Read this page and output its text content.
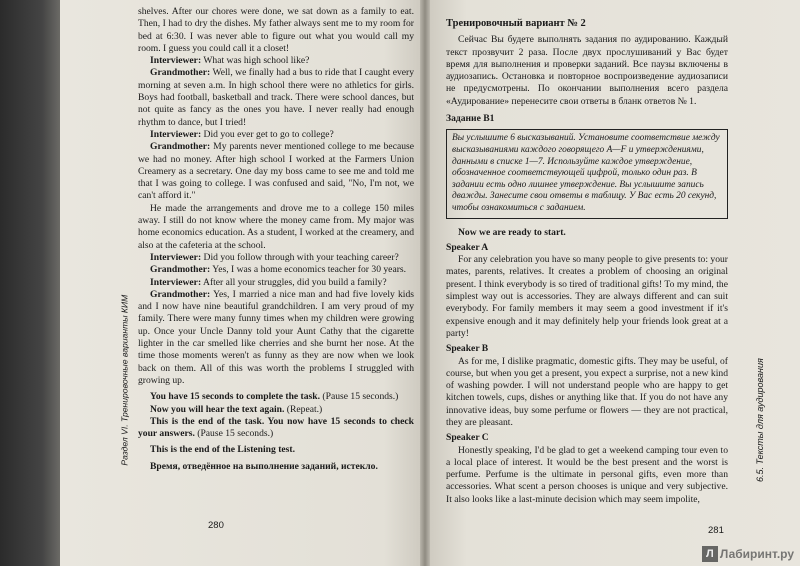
shelves. After our chores were done, we sat down as a family to eat. Then, I had to dry the dishes. My father always sent me to my room for bed at 6:30. I was never able to figure out what you would call my room. I guess you could call it a closet!

Interviewer: What was high school like?

Grandmother: Well, we finally had a bus to ride that I caught every morning at seven a.m. In high school there were no athletics for girls. Boys had football, basketball and track. There were school dances, but not quite as fancy as the ones you have. I never really had enough rhythm to dance, but I tried!

Interviewer: Did you ever get to go to college?

Grandmother: My parents never mentioned college to me because we had no money. After high school I worked at the Farmers Union Creamery as a secretary. One day my boss came to see me and told me that I was going to college. I was confused and said, "No, I'm not, we can't afford it."

He made the arrangements and drove me to a college 150 miles away. I still do not know where the money came from. My major was home economics education. As a student, I worked at the creamery, and also at the cafeteria at the school.

Interviewer: Did you follow through with your teaching career?

Grandmother: Yes, I was a home economics teacher for 30 years.

Interviewer: After all your struggles, did you build a family?

Grandmother: Yes, I married a nice man and had five lovely kids and I now have nine beautiful grandchildren. I am very proud of my family. There were many funny times when my children were growing up. Once your Uncle Danny told your Aunt Cathy that the cigarette lighter in the car smelled like cherries and she burnt her nose. At the time those moments weren't as funny as they are now when we look back on them. All of this was worth the problems I struggled with growing up.

You have 15 seconds to complete the task. (Pause 15 seconds.)

Now you will hear the text again. (Repeat.)

This is the end of the task. You now have 15 seconds to check your answers. (Pause 15 seconds.)

This is the end of the Listening test.

Время, отведённое на выполнение заданий, истекло.

Раздел VI. Тренировочные варианты КИМ
280
Тренировочный вариант № 2

Сейчас Вы будете выполнять задания по аудированию. Каждый текст прозвучит 2 раза. После двух прослушиваний у Вас будет время для выполнения и проверки заданий. Все паузы включены в аудиозапись. Остановка и повторное воспроизведение аудиозаписи не предусмотрены. По окончании выполнения всего раздела «Аудирование» перенесите свои ответы в бланк ответов № 1.

Задание B1
Вы услышите 6 высказываний. Установите соответствие между высказываниями каждого говорящего A—F и утверждениями, данными в списке 1—7. Используйте каждое утверждение, обозначенное соответствующей цифрой, только один раз. В задании есть одно лишнее утверждение. Вы услышите запись дважды. Занесите свои ответы в таблицу. У Вас есть 20 секунд, чтобы ознакомиться с заданием.

Now we are ready to start.

Speaker A

For any celebration you have so many people to give presents to: your mates, parents, relatives. It creates a problem of choosing an original present. I think everybody is so tired of traditional gifts! To my mind, the simplest way out is accessories. They are always different and can suit everybody. For family members it may seem a good investment if it's expensive enough and it may definitely help your friends look great at a party!

Speaker B

As for me, I dislike pragmatic, domestic gifts. They may be useful, of course, but when you get a present, you expect a surprise, not a new kind of washing powder. I will not understand people who are happy to get kitchen towels, cups, dishes or anything like that. If you do not have any innovative ideas, buy some perfume or flowers — they are not practical, they are pleasant.

Speaker C

Honestly speaking, I'd be glad to get a weekend camping tour even to a local place of interest. It would be the best present and the worst is perfume. Perfume is the ultimate in personal gifts, even more than accessories. What scent a person chooses is unique and very subjective. It also looks like a last-minute decision which may seem impolite,

6.5. Тексты для аудирования
281
Л Лабиринт.ру
